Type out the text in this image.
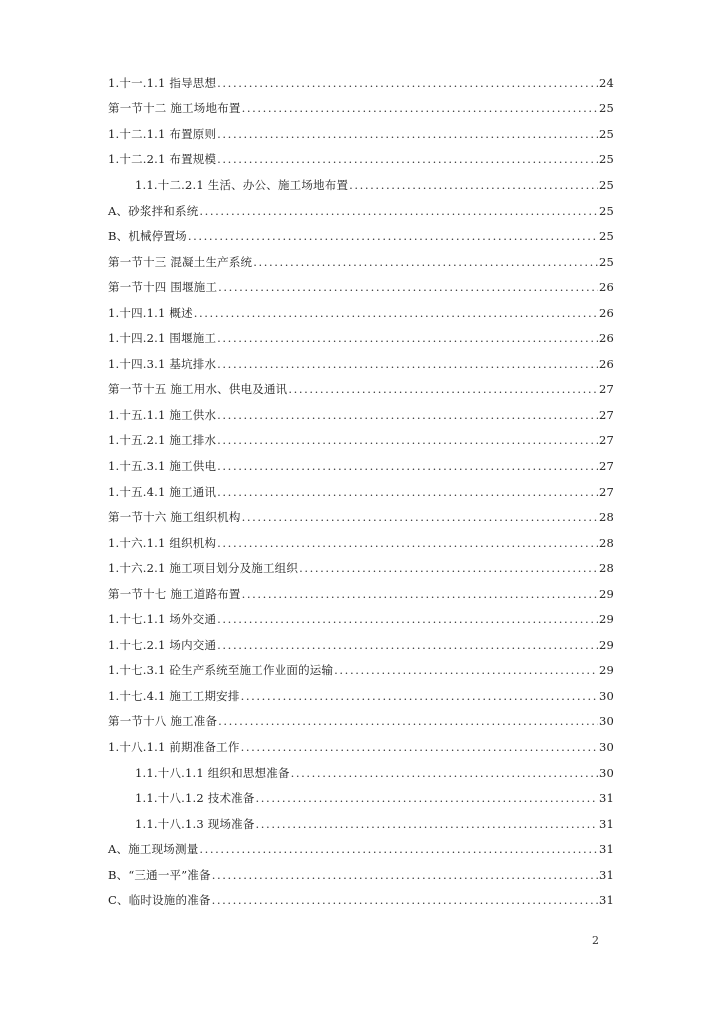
1.十一.1.1 指导思想 .....	24
第一节十二 施工场地布置 .....	25
1.十二.1.1 布置原则 .....	25
1.十二.2.1 布置规模 .....	25
1.1.十二.2.1 生活、办公、施工场地布置 .....	25
A、砂浆拌和系统 .....	25
B、机械停置场 .....	25
第一节十三 混凝土生产系统 .....	25
第一节十四 围堰施工 .....	26
1.十四.1.1 概述 .....	26
1.十四.2.1 围堰施工 .....	26
1.十四.3.1 基坑排水 .....	26
第一节十五 施工用水、供电及通讯 .....	27
1.十五.1.1 施工供水 .....	27
1.十五.2.1 施工排水 .....	27
1.十五.3.1 施工供电 .....	27
1.十五.4.1 施工通讯 .....	27
第一节十六 施工组织机构 .....	28
1.十六.1.1 组织机构 .....	28
1.十六.2.1 施工项目划分及施工组织 .....	28
第一节十七 施工道路布置 .....	29
1.十七.1.1 场外交通 .....	29
1.十七.2.1 场内交通 .....	29
1.十七.3.1 砼生产系统至施工作业面的运输 .....	29
1.十七.4.1 施工工期安排 .....	30
第一节十八 施工准备 .....	30
1.十八.1.1 前期准备工作 .....	30
1.1.十八.1.1 组织和思想准备 .....	30
1.1.十八.1.2 技术准备 .....	31
1.1.十八.1.3 现场准备 .....	31
A、施工现场测量 .....	31
B、“三通一平”准备 .....	31
C、临时设施的准备 .....	31
2
